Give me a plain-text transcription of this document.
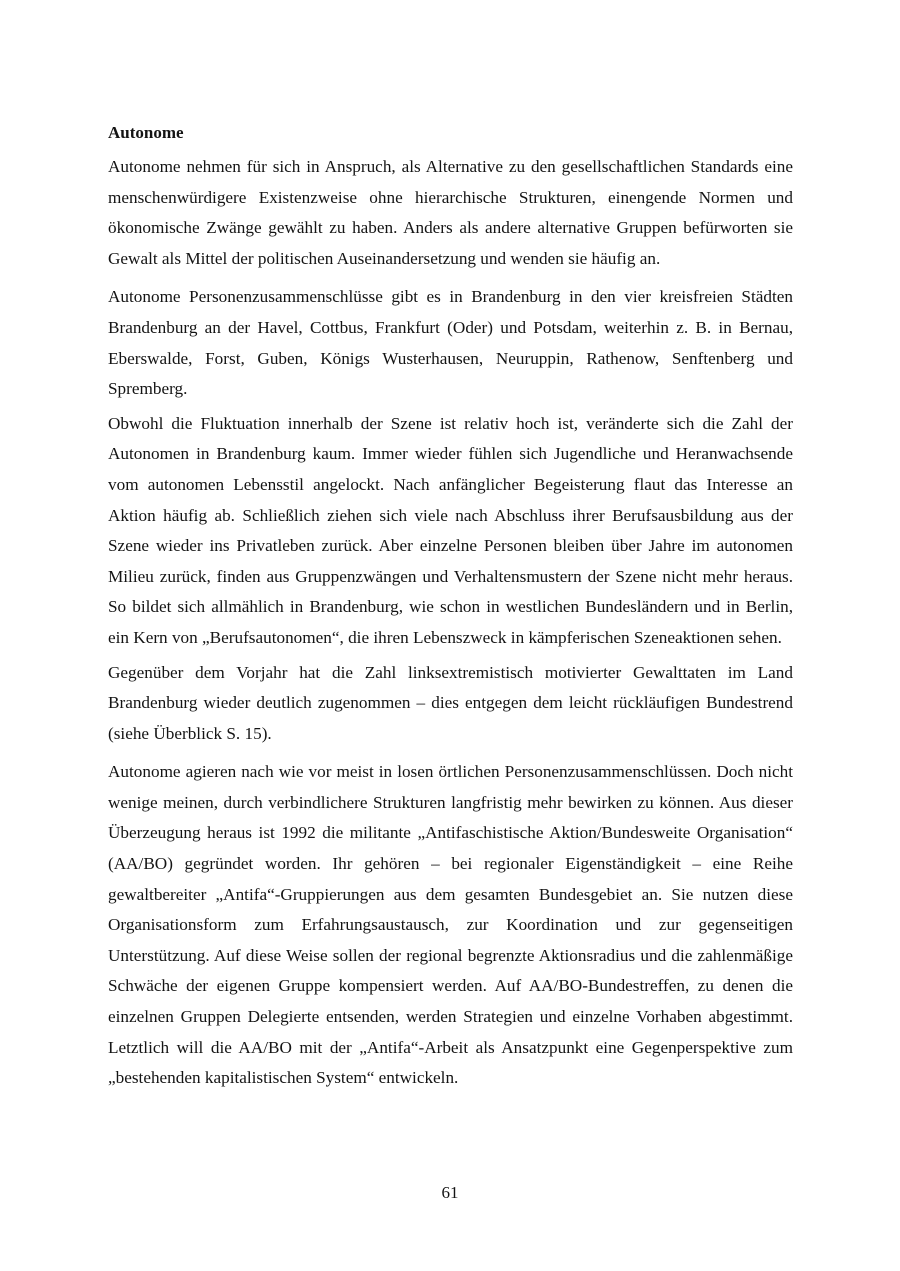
Autonome

Autonome nehmen für sich in Anspruch, als Alternative zu den gesellschaftlichen Standards eine menschenwürdigere Existenzweise ohne hierarchische Strukturen, einengende Normen und ökonomische Zwänge gewählt zu haben. Anders als andere alternative Gruppen befürworten sie Gewalt als Mittel der politischen Auseinandersetzung und wenden sie häufig an.

Autonome Personenzusammenschlüsse gibt es in Brandenburg in den vier kreisfreien Städten Brandenburg an der Havel, Cottbus, Frankfurt (Oder) und Potsdam, weiterhin z. B. in Bernau, Eberswalde, Forst, Guben, Königs Wusterhausen, Neuruppin, Rathenow, Senftenberg und Spremberg.

Obwohl die Fluktuation innerhalb der Szene ist relativ hoch ist, veränderte sich die Zahl der Autonomen in Brandenburg kaum. Immer wieder fühlen sich Jugendliche und Heranwachsende vom autonomen Lebensstil angelockt. Nach anfänglicher Begeisterung flaut das Interesse an Aktion häufig ab. Schließlich ziehen sich viele nach Abschluss ihrer Berufsausbildung aus der Szene wieder ins Privatleben zurück. Aber einzelne Personen bleiben über Jahre im autonomen Milieu zurück, finden aus Gruppenzwängen und Verhaltensmustern der Szene nicht mehr heraus. So bildet sich allmählich in Brandenburg, wie schon in westlichen Bundesländern und in Berlin, ein Kern von „Berufsautonomen“, die ihren Lebenszweck in kämpferischen Szeneaktionen sehen.

Gegenüber dem Vorjahr hat die Zahl linksextremistisch motivierter Gewalttaten im Land Brandenburg wieder deutlich zugenommen – dies entgegen dem leicht rückläufigen Bundestrend (siehe Überblick S. 15).

Autonome agieren nach wie vor meist in losen örtlichen Personenzusammenschlüssen. Doch nicht wenige meinen, durch verbindlichere Strukturen langfristig mehr bewirken zu können. Aus dieser Überzeugung heraus ist 1992 die militante „Antifaschistische Aktion/Bundesweite Organisation“ (AA/BO) gegründet worden. Ihr gehören – bei regionaler Eigenständigkeit – eine Reihe gewaltbereiter „Antifa“-Gruppierungen aus dem gesamten Bundesgebiet an. Sie nutzen diese Organisationsform zum Erfahrungsaustausch, zur Koordination und zur gegenseitigen Unterstützung. Auf diese Weise sollen der regional begrenzte Aktionsradius und die zahlenmäßige Schwäche der eigenen Gruppe kompensiert werden. Auf AA/BO-Bundestreffen, zu denen die einzelnen Gruppen Delegierte entsenden, werden Strategien und einzelne Vorhaben abgestimmt. Letztlich will die AA/BO mit der „Antifa“-Arbeit als Ansatzpunkt eine Gegenperspektive zum „bestehenden kapitalistischen System“ entwickeln.

61
